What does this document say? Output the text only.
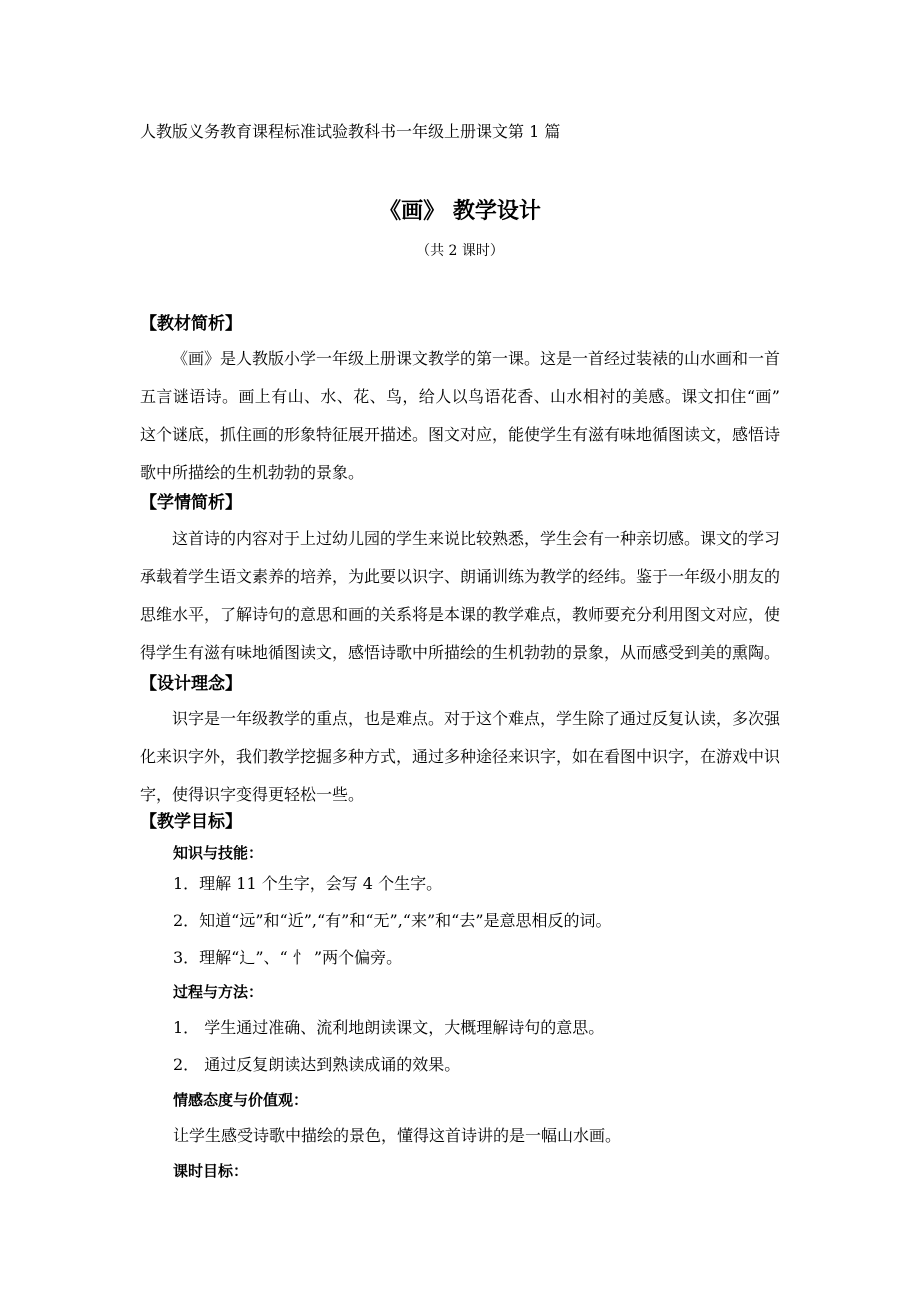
人教版义务教育课程标准试验教科书一年级上册课文第 1 篇
《画》 教学设计
（共 2 课时）
【教材简析】
《画》是人教版小学一年级上册课文教学的第一课。这是一首经过装裱的山水画和一首
五言谜语诗。画上有山、水、花、鸟，给人以鸟语花香、山水相衬的美感。课文扣住“画”
这个谜底，抓住画的形象特征展开描述。图文对应，能使学生有滋有味地循图读文，感悟诗
歌中所描绘的生机勃勃的景象。
【学情简析】
这首诗的内容对于上过幼儿园的学生来说比较熟悉，学生会有一种亲切感。课文的学习
承载着学生语文素养的培养，为此要以识字、朗诵训练为教学的经纬。鉴于一年级小朋友的
思维水平，了解诗句的意思和画的关系将是本课的教学难点，教师要充分利用图文对应，使
得学生有滋有味地循图读文，感悟诗歌中所描绘的生机勃勃的景象，从而感受到美的熏陶。
【设计理念】
识字是一年级教学的重点，也是难点。对于这个难点，学生除了通过反复认读，多次强
化来识字外，我们教学挖掘多种方式，通过多种途径来识字，如在看图中识字，在游戏中识
字，使得识字变得更轻松一些。
【教学目标】
知识与技能：
1．理解 11 个生字，会写 4 个生字。
2．知道“远”和“近”,“有”和“无”,“来”和“去”是意思相反的词。
3．理解“辶”、“ 忄 ”两个偏旁。
过程与方法：
1． 学生通过准确、流利地朗读课文，大概理解诗句的意思。
2． 通过反复朗读达到熟读成诵的效果。
情感态度与价值观：
让学生感受诗歌中描绘的景色，懂得这首诗讲的是一幅山水画。
课时目标：
